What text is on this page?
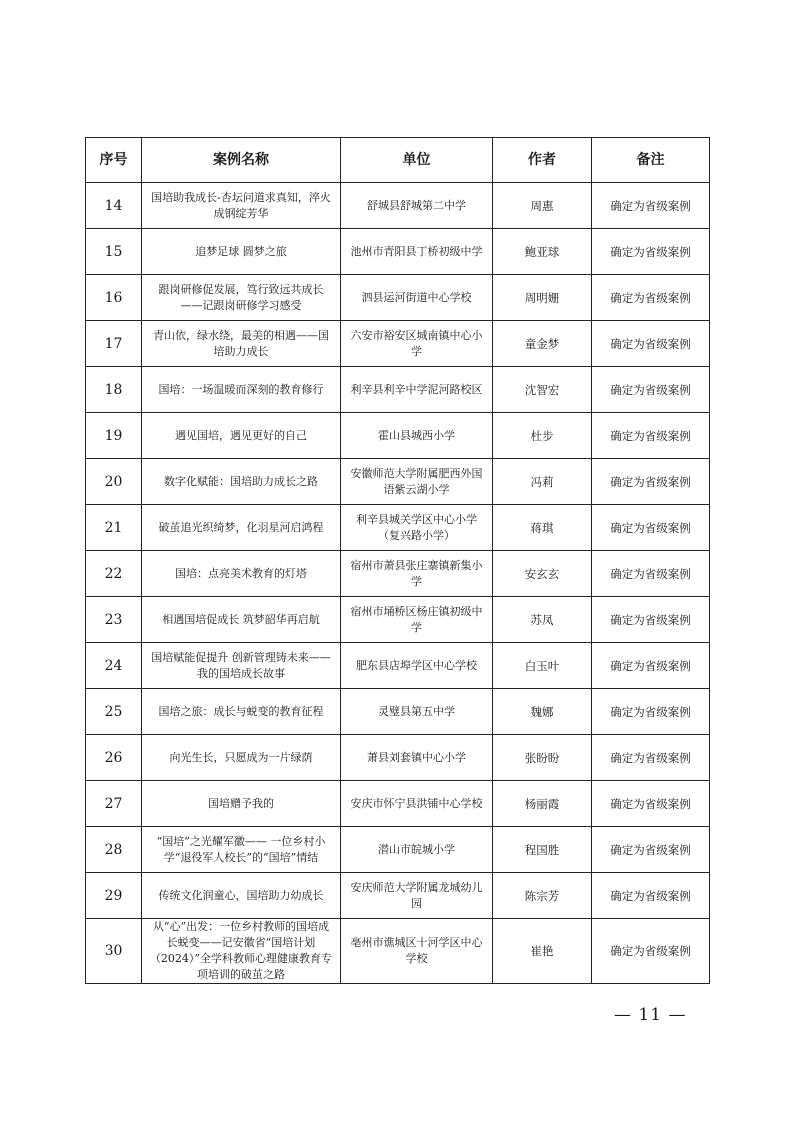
序号	案例名称	单位	作者	备注
14	国培助我成长-杏坛问道求真知，淬火成钢绽芳华	舒城县舒城第二中学	周惠	确定为省级案例
15	追梦足球 圆梦之旅	池州市青阳县丁桥初级中学	鲍亚球	确定为省级案例
16	跟岗研修促发展，笃行致远共成长——记跟岗研修学习感受	泗县运河街道中心学校	周明姗	确定为省级案例
17	青山依，绿水绕，最美的相遇——国培助力成长	六安市裕安区城南镇中心小学	童金梦	确定为省级案例
18	国培：一场温暖而深刻的教育修行	利辛县利辛中学泥河路校区	沈智宏	确定为省级案例
19	遇见国培，遇见更好的自己	霍山县城西小学	杜步	确定为省级案例
20	数字化赋能：国培助力成长之路	安徽师范大学附属肥西外国语紫云湖小学	冯莉	确定为省级案例
21	破茧追光织绮梦，化羽星河启鸿程	利辛县城关学区中心小学（复兴路小学）	蒋琪	确定为省级案例
22	国培：点亮美术教育的灯塔	宿州市萧县张庄寨镇新集小学	安玄玄	确定为省级案例
23	相遇国培促成长 筑梦韶华再启航	宿州市埇桥区杨庄镇初级中学	苏凤	确定为省级案例
24	国培赋能促提升 创新管理铸未来——我的国培成长故事	肥东县店埠学区中心学校	白玉叶	确定为省级案例
25	国培之旅：成长与蜕变的教育征程	灵璧县第五中学	魏娜	确定为省级案例
26	向光生长，只愿成为一片绿荫	萧县刘套镇中心小学	张盼盼	确定为省级案例
27	国培赠予我的	安庆市怀宁县洪铺中心学校	杨丽霞	确定为省级案例
28	“国培”之光耀军徽—— 一位乡村小学“退役军人校长”的“国培”情结	潜山市皖城小学	程国胜	确定为省级案例
29	传统文化润童心，国培助力幼成长	安庆师范大学附属龙城幼儿园	陈宗芳	确定为省级案例
30	从“心”出发：一位乡村教师的国培成长蜕变——记安徽省“国培计划（2024）”全学科教师心理健康教育专项培训的破茧之路	亳州市谯城区十河学区中心学校	崔艳	确定为省级案例
— 11 —
